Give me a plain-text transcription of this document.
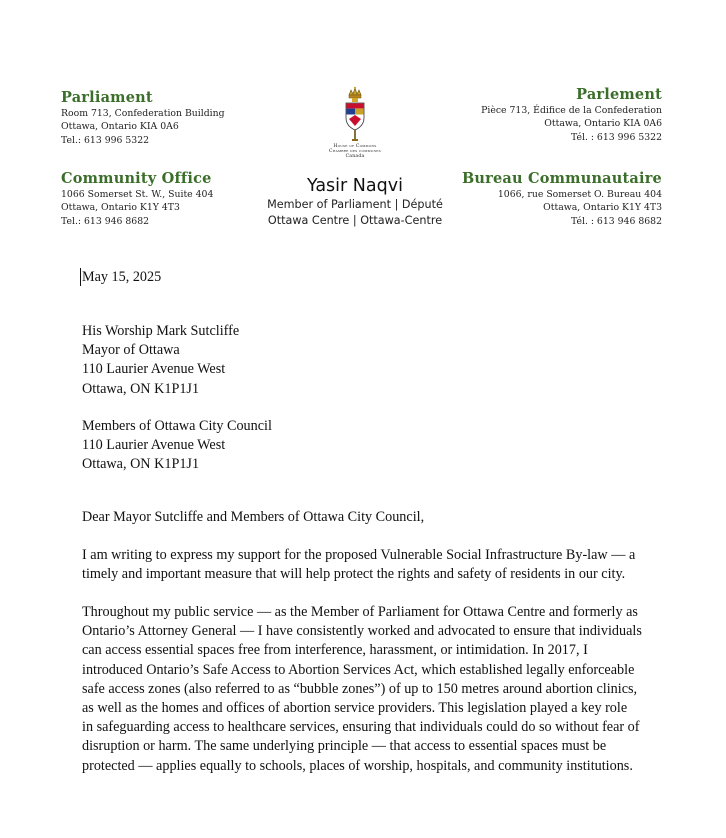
Parliament
Room 713, Confederation Building
Ottawa, Ontario KIA 0A6
Tel.: 613 996 5322
Parlement
Pièce 713, Édifice de la Confederation
Ottawa, Ontario KIA 0A6
Tél. : 613 996 5322
House of Commons
Chambre des communes
Canada
Community Office
1066 Somerset St. W., Suite 404
Ottawa, Ontario K1Y 4T3
Tel.: 613 946 8682
Yasir Naqvi
Member of Parliament | Député
Ottawa Centre | Ottawa-Centre
Bureau Communautaire
1066, rue Somerset O. Bureau 404
Ottawa, Ontario K1Y 4T3
Tél. : 613 946 8682
May 15, 2025
His Worship Mark Sutcliffe
Mayor of Ottawa
110 Laurier Avenue West
Ottawa, ON K1P1J1
Members of Ottawa City Council
110 Laurier Avenue West
Ottawa, ON K1P1J1
Dear Mayor Sutcliffe and Members of Ottawa City Council,
I am writing to express my support for the proposed Vulnerable Social Infrastructure By-law — a
timely and important measure that will help protect the rights and safety of residents in our city.
Throughout my public service — as the Member of Parliament for Ottawa Centre and formerly as
Ontario’s Attorney General — I have consistently worked and advocated to ensure that individuals
can access essential spaces free from interference, harassment, or intimidation. In 2017, I
introduced Ontario’s Safe Access to Abortion Services Act, which established legally enforceable
safe access zones (also referred to as “bubble zones”) of up to 150 metres around abortion clinics,
as well as the homes and offices of abortion service providers. This legislation played a key role
in safeguarding access to healthcare services, ensuring that individuals could do so without fear of
disruption or harm. The same underlying principle — that access to essential spaces must be
protected — applies equally to schools, places of worship, hospitals, and community institutions.
